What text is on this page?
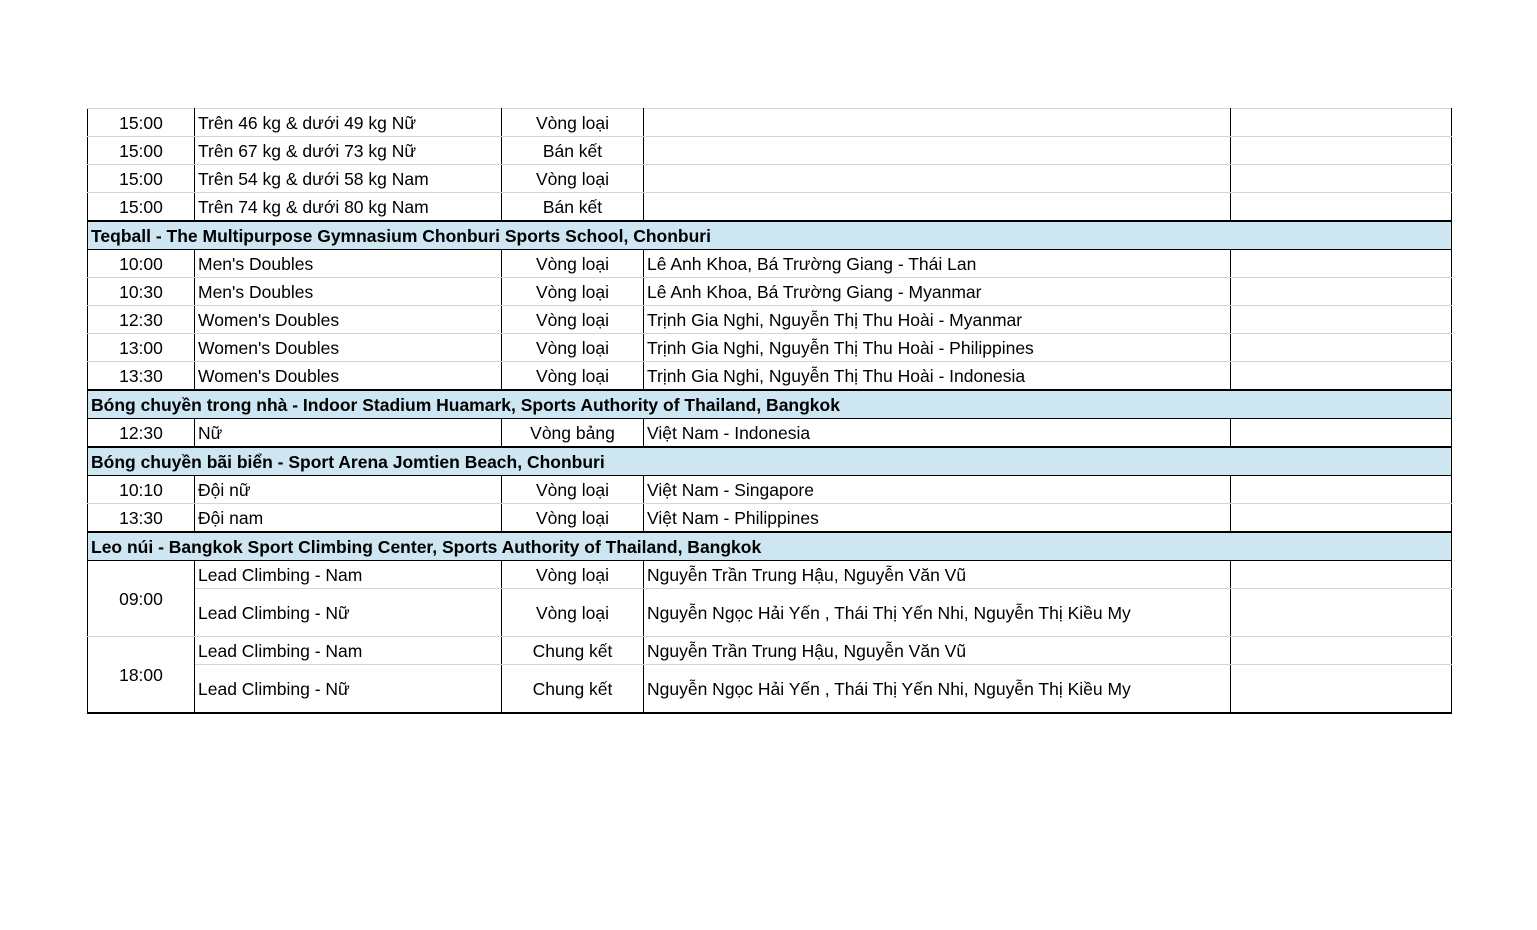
15:00	Trên 46 kg & dưới 49 kg Nữ	Vòng loại		
15:00	Trên 67 kg & dưới 73 kg Nữ	Bán kết		
15:00	Trên 54 kg & dưới 58 kg Nam	Vòng loại		
15:00	Trên 74 kg & dưới 80 kg Nam	Bán kết		
Teqball - The Multipurpose Gymnasium Chonburi Sports School, Chonburi				
10:00	Men's Doubles	Vòng loại	Lê Anh Khoa, Bá Trường Giang - Thái Lan	
10:30	Men's Doubles	Vòng loại	Lê Anh Khoa, Bá Trường Giang - Myanmar	
12:30	Women's Doubles	Vòng loại	Trịnh Gia Nghi, Nguyễn Thị Thu Hoài - Myanmar	
13:00	Women's Doubles	Vòng loại	Trịnh Gia Nghi, Nguyễn Thị Thu Hoài - Philippines	
13:30	Women's Doubles	Vòng loại	Trịnh Gia Nghi, Nguyễn Thị Thu Hoài - Indonesia	
Bóng chuyền trong nhà - Indoor Stadium Huamark, Sports Authority of Thailand, Bangkok				
12:30	Nữ	Vòng bảng	Việt Nam - Indonesia	
Bóng chuyền bãi biển - Sport Arena Jomtien Beach, Chonburi				
10:10	Đội nữ	Vòng loại	Việt Nam - Singapore	
13:30	Đội nam	Vòng loại	Việt Nam - Philippines	
Leo núi - Bangkok Sport Climbing Center, Sports Authority of Thailand, Bangkok				
09:00	Lead Climbing - Nam	Vòng loại	Nguyễn Trần Trung Hậu, Nguyễn Văn Vũ	
	Lead Climbing - Nữ	Vòng loại	Nguyễn Ngọc Hải Yến , Thái Thị Yến Nhi, Nguyễn Thị Kiều My	
18:00	Lead Climbing - Nam	Chung kết	Nguyễn Trần Trung Hậu, Nguyễn Văn Vũ	
	Lead Climbing - Nữ	Chung kết	Nguyễn Ngọc Hải Yến , Thái Thị Yến Nhi, Nguyễn Thị Kiều My	
